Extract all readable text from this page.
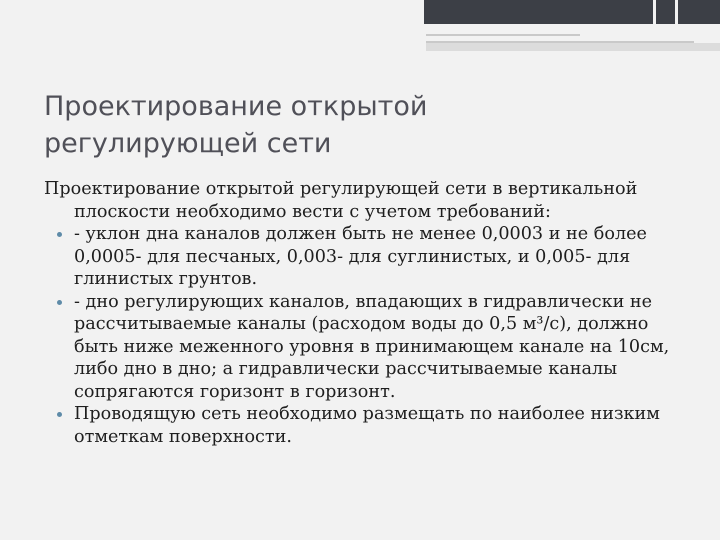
Проектирование открытой
регулирующей сети

Проектирование открытой регулирующей сети в вертикальной плоскости необходимо вести с учетом требований:

- уклон дна каналов должен быть не менее 0,0003 и не более 0,0005- для песчаных, 0,003- для суглинистых, и 0,005- для глинистых грунтов.
- дно регулирующих каналов, впадающих в гидравлически не рассчитываемые каналы (расходом воды до 0,5 м³/с), должно быть ниже меженного уровня в принимающем канале на 10см, либо дно в дно; а гидравлически рассчитываемые каналы сопрягаются горизонт в горизонт.
Проводящую сеть необходимо размещать по наиболее низким отметкам поверхности.
